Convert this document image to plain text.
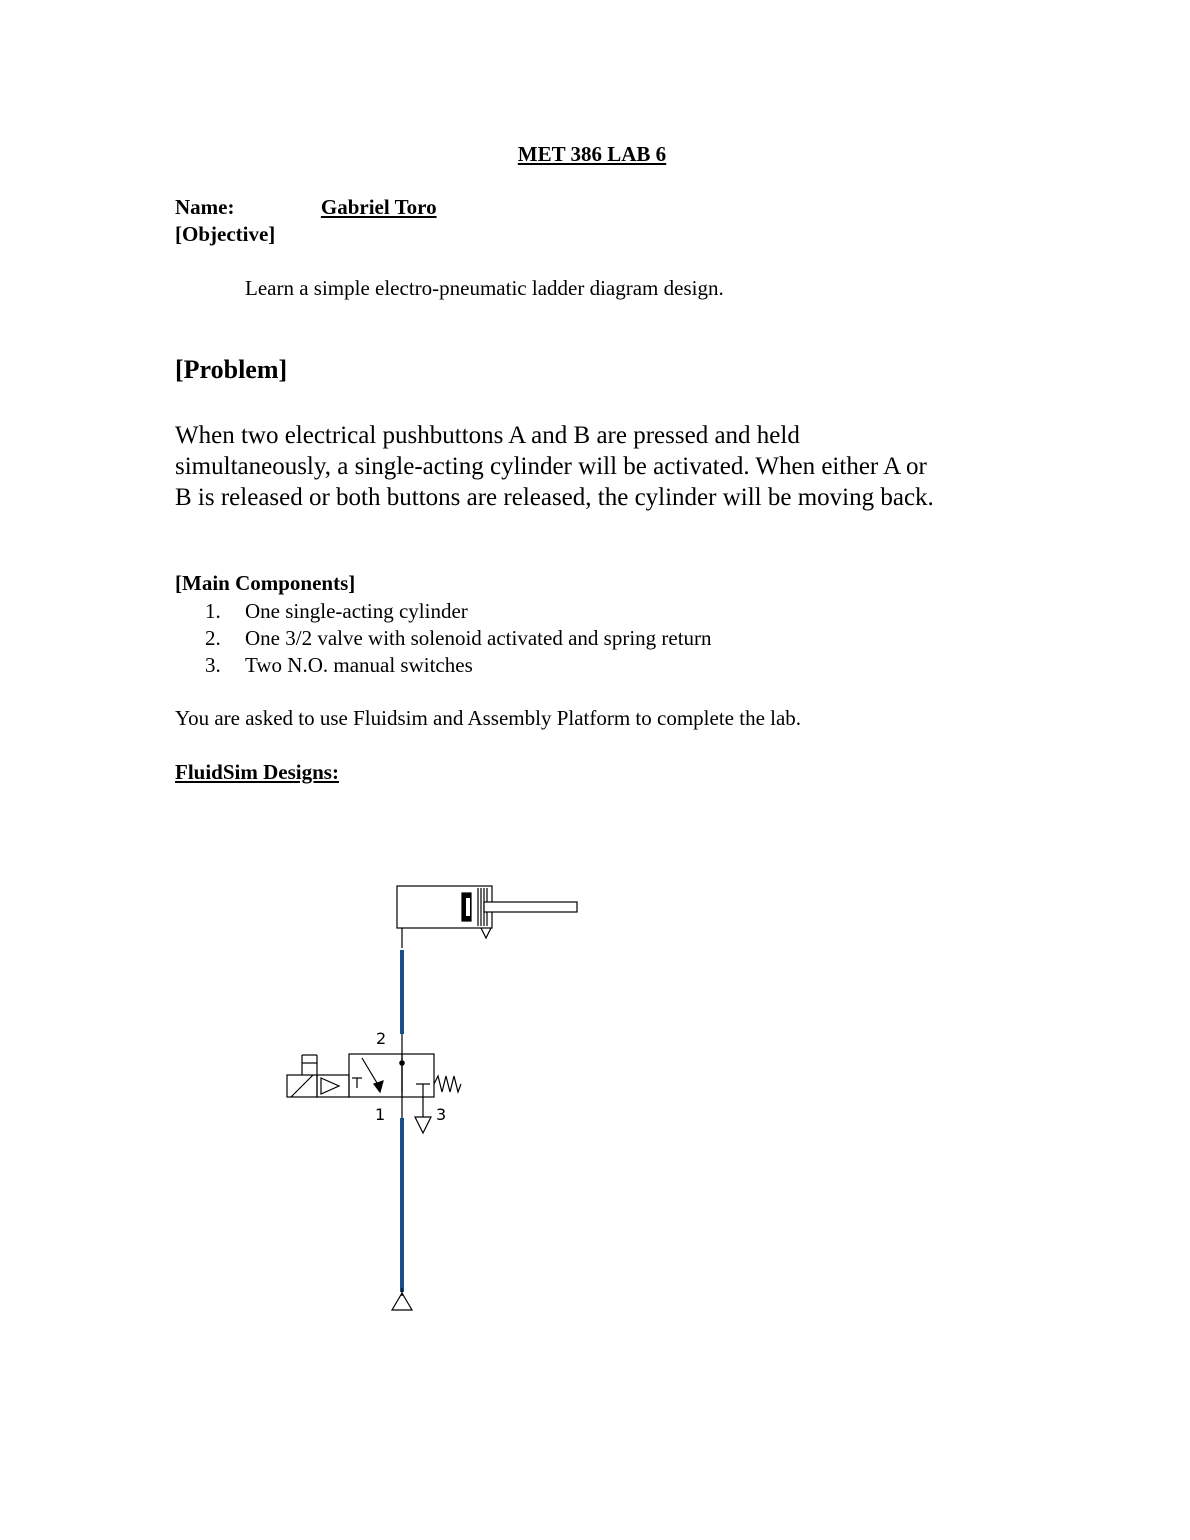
MET 386 LAB 6
Name:	Gabriel Toro
[Objective]
Learn a simple electro-pneumatic ladder diagram design.
[Problem]
When two electrical pushbuttons A and B are pressed and held
simultaneously, a single-acting cylinder will be activated. When either A or
B is released or both buttons are released, the cylinder will be moving back.
[Main Components]
1.	One single-acting cylinder
2.	One 3/2 valve with solenoid activated and spring return
3.	Two N.O. manual switches
You are asked to use Fluidsim and Assembly Platform to complete the lab.
FluidSim Designs:
2
1	3
